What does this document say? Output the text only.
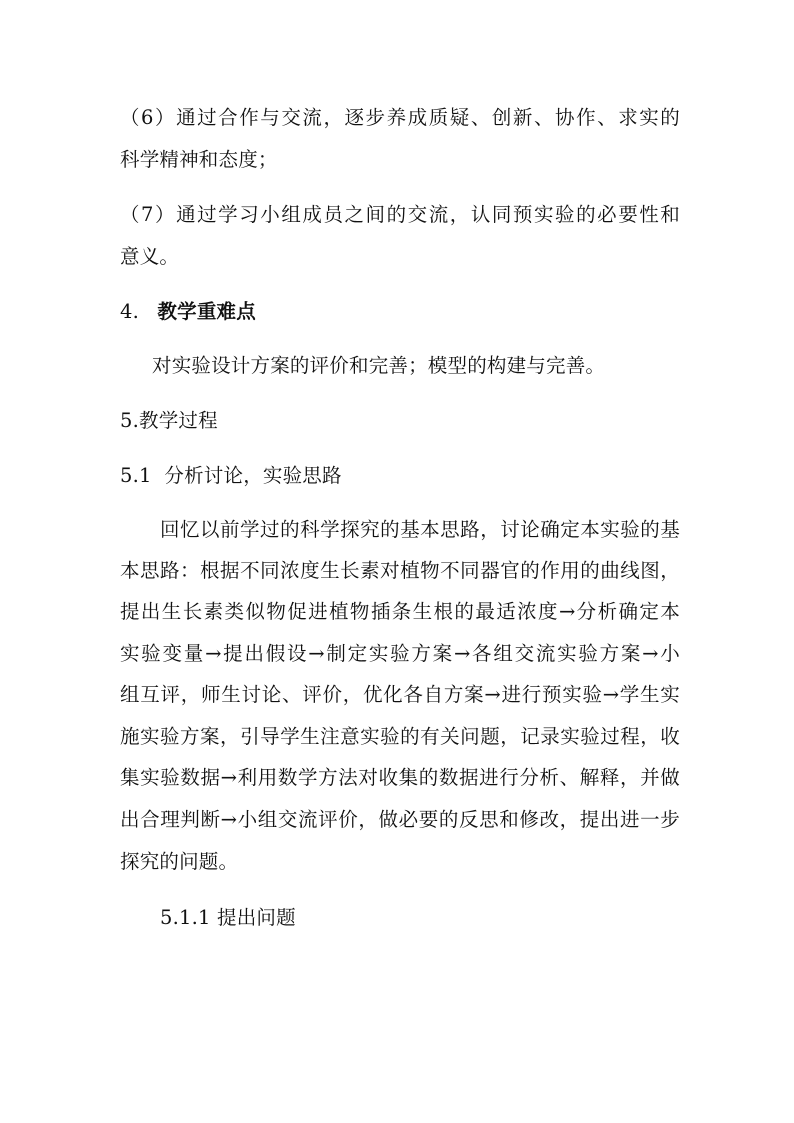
（6）通过合作与交流，逐步养成质疑、创新、协作、求实的
科学精神和态度；
（7）通过学习小组成员之间的交流，认同预实验的必要性和
意义。
4. 教学重难点
对实验设计方案的评价和完善；模型的构建与完善。
5.教学过程
5.1  分析讨论，实验思路
回忆以前学过的科学探究的基本思路，讨论确定本实验的基
本思路：根据不同浓度生长素对植物不同器官的作用的曲线图，
提出生长素类似物促进植物插条生根的最适浓度→分析确定本
实验变量→提出假设→制定实验方案→各组交流实验方案→小
组互评，师生讨论、评价，优化各自方案→进行预实验→学生实
施实验方案，引导学生注意实验的有关问题，记录实验过程，收
集实验数据→利用数学方法对收集的数据进行分析、解释，并做
出合理判断→小组交流评价，做必要的反思和修改，提出进一步
探究的问题。
5.1.1 提出问题
